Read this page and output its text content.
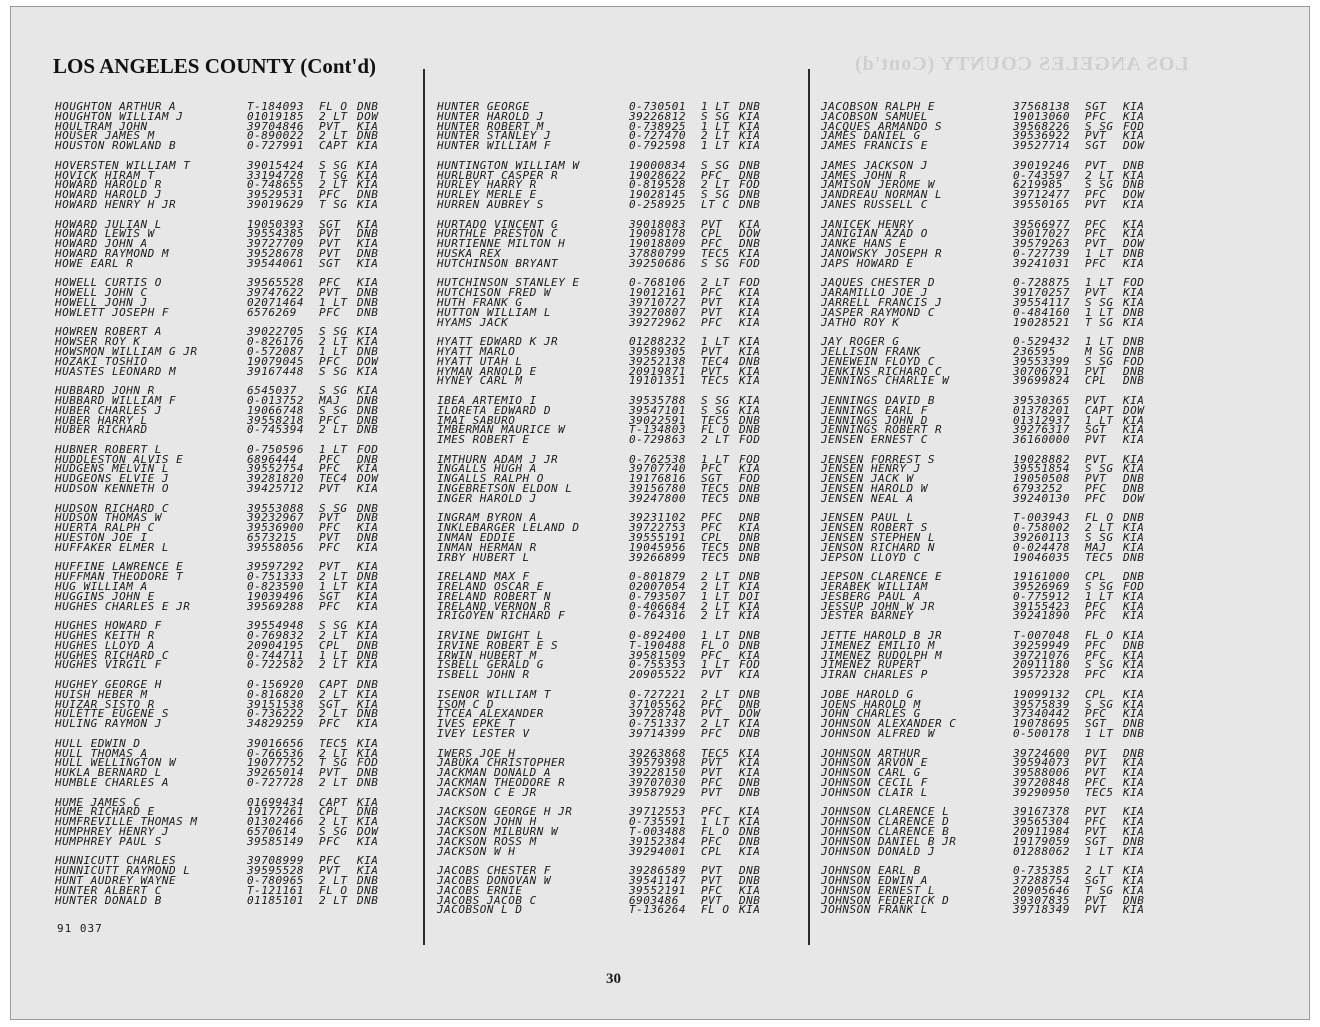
LOS ANGELES COUNTY (Cont'd)
LOS ANGELES COUNTY (Cont'd)
HOUGHTON ARTHUR A	T-184093	FL O DNB
HOUGHTON WILLIAM J	01019185	2 LT DOW
HOULTRAM JOHN	39704846	PVT	KIA
HOUSER JAMES M	0-890022	2 LT DNB
HOUSTON ROWLAND B	0-727991	CAPT KIA
HOVERSTEN WILLIAM T	39015424	S SG KIA
HOVICK HIRAM T	33194728	T SG KIA
HOWARD HAROLD R	0-748655	2 LT KIA
HOWARD HAROLD J	39529531	PFC	DNB
HOWARD HENRY H JR	39019629	T SG KIA
HOWARD JULIAN L	19050393	SGT	KIA
HOWARD LEWIS W	39554385	PVT	DNB
HOWARD JOHN A	39727709	PVT	KIA
HOWARD RAYMOND M	39528678	PVT	DNB
HOWE EARL R	39544061	SGT	KIA
HOWELL CURTIS O	39565528	PFC	KIA
HOWELL JOHN C	39747622	PVT	DNB
HOWELL JOHN J	02071464	1 LT DNB
HOWLETT JOSEPH F	6576269	PFC	DNB
HOWREN ROBERT A	39022705	S SG KIA
HOWSER ROY K	0-826176	2 LT KIA
HOWSMON WILLIAM G JR	0-572087	1 LT DNB
HOZAKI TOSHIO	19079045	PFC	DOW
HUASTES LEONARD M	39167448	S SG KIA
HUBBARD JOHN R	6545037	S SG KIA
HUBBARD WILLIAM F	0-013752	MAJ	DNB
HUBER CHARLES J	19066748	S SG DNB
HUBER HARRY L	39558218	PFC	DNB
HUBER RICHARD	0-745394	2 LT DNB
HUBNER ROBERT L	0-750596	1 LT FOD
HUDDLESTON ALVIS E	6896444	PFC	DNB
HUDGENS MELVIN L	39552754	PFC	KIA
HUDGEONS ELVIE J	39281820	TEC4 DOW
HUDSON KENNETH O	39425712	PVT	KIA
HUDSON RICHARD C	39553088	S SG DNB
HUDSON THOMAS W	39232967	PVT	DNB
HUERTA RALPH C	39536900	PFC	KIA
HUESTON JOE I	6573215	PVT	DNB
HUFFAKER ELMER L	39558056	PFC	KIA
HUFFINE LAWRENCE E	39597292	PVT	KIA
HUFFMAN THEODORE T	0-751333	2 LT DNB
HUG WILLIAM A	0-823590	1 LT KIA
HUGGINS JOHN E	19039496	SGT	KIA
HUGHES CHARLES E JR	39569288	PFC	KIA
HUGHES HOWARD F	39554948	S SG KIA
HUGHES KEITH R	0-769832	2 LT KIA
HUGHES LLOYD A	20904195	CPL	DNB
HUGHES RICHARD C	0-744711	1 LT DNB
HUGHES VIRGIL F	0-722582	2 LT KIA
HUGHEY GEORGE H	0-156920	CAPT DNB
HUISH HEBER M	0-816820	2 LT KIA
HUIZAR SISTO R	39151538	SGT	KIA
HULETTE EUGENE S	0-736222	2 LT DNB
HULING RAYMON J	34829259	PFC	KIA
HULL EDWIN D	39016656	TEC5 KIA
HULL THOMAS A	0-766536	2 LT KIA
HULL WELLINGTON W	19077752	T SG FOD
HUKLA BERNARD L	39265014	PVT	DNB
HUMBLE CHARLES A	0-727728	2 LT DNB
HUME JAMES C	01699434	CAPT KIA
HUME RICHARD E	19177261	CPL	DNB
HUMFREVILLE THOMAS M	01302466	2 LT KIA
HUMPHREY HENRY J	6570614	S SG DOW
HUMPHREY PAUL S	39585149	PFC	KIA
HUNNICUTT CHARLES	39708999	PFC	KIA
HUNNICUTT RAYMOND L	39595528	PVT	KIA
HUNT AUDREY WAYNE	0-780965	2 LT DNB
HUNTER ALBERT C	T-121161	FL O DNB
HUNTER DONALD B	01185101	2 LT DNB
HUNTER GEORGE	0-730501	1 LT DNB
HUNTER HAROLD J	39226812	S SG KIA
HUNTER ROBERT M	0-738925	1 LT KIA
HUNTER STANLEY J	0-727470	2 LT KIA
HUNTER WILLIAM F	0-792598	1 LT KIA
HUNTINGTON WILLIAM W	19000834	S SG DNB
HURLBURT CASPER R	19028622	PFC	DNB
HURLEY HARRY R	0-819528	2 LT FOD
HURLEY MERLE E	19028145	S SG DNB
HURREN AUBREY S	0-258925	LT C DNB
HURTADO VINCENT G	39018083	PVT	KIA
HURTHLE PRESTON C	19098178	CPL	DOW
HURTIENNE MILTON H	19018809	PFC	DNB
HUSKA REX	37880799	TEC5 KIA
HUTCHINSON BRYANT	39250686	S SG FOD
HUTCHINSON STANLEY E	0-768106	2 LT FOD
HUTCHISON FRED W	19012161	PFC	KIA
HUTH FRANK G	39710727	PVT	KIA
HUTTON WILLIAM L	39270807	PVT	KIA
HYAMS JACK	39272962	PFC	KIA
HYATT EDWARD K JR	01288232	1 LT KIA
HYATT MARLO	39589305	PVT	KIA
HYATT UTAH L	39252138	TEC4 DNB
HYMAN ARNOLD E	20919871	PVT	KIA
HYNEY CARL M	19101351	TEC5 KIA
IBEA ARTEMIO I	39535788	S SG KIA
ILORETA EDWARD D	39547101	S SG KIA
IMAI SABURO	39022591	TEC5 DNB
IMBERMAN MAURICE W	T-134803	FL O DNB
IMES ROBERT E	0-729863	2 LT FOD
IMTHURN ADAM J JR	0-762538	1 LT FOD
INGALLS HUGH A	39707740	PFC	KIA
INGALLS RALPH O	19176816	SGT	FOD
INGEBRETSON ELDON L	39156780	TEC5 DNB
INGER HAROLD J	39247800	TEC5 DNB
INGRAM BYRON A	39231102	PFC	DNB
INKLEBARGER LELAND D	39722753	PFC	KIA
INMAN EDDIE	39555191	CPL	DNB
INMAN HERMAN R	19045956	TEC5 DNB
IRBY HUBERT L	39266899	TEC5 DNB
IRELAND MAX F	0-801879	2 LT DNB
IRELAND OSCAR E	02007054	2 LT KIA
IRELAND ROBERT N	0-793507	1 LT DOI
IRELAND VERNON R	0-406684	2 LT KIA
IRIGOYEN RICHARD F	0-764316	2 LT KIA
IRVINE DWIGHT L	0-892400	1 LT DNB
IRVINE ROBERT E S	T-190488	FL O DNB
IRWIN HUBERT M	39581509	PFC	KIA
ISBELL GERALD G	0-755353	1 LT FOD
ISBELL JOHN R	20905522	PVT	KIA
ISENOR WILLIAM T	0-727221	2 LT DNB
ISOM C D	37105562	PFC	DNB
ITCEA ALEXANDER	39728748	PVT	DOW
IVES EPKE T	0-751337	2 LT KIA
IVEY LESTER V	39714399	PFC	DNB
IWERS JOE H	39263868	TEC5 KIA
JABUKA CHRISTOPHER	39579398	PVT	KIA
JACKMAN DONALD A	39228150	PVT	KIA
JACKMAN THEODORE R	39707030	PFC	DNB
JACKSON C E JR	39587929	PVT	DNB
JACKSON GEORGE H JR	39712553	PFC	KIA
JACKSON JOHN H	0-735591	1 LT KIA
JACKSON MILBURN W	T-003488	FL O DNB
JACKSON ROSS M	39152384	PFC	DNB
JACKSON W H	39294001	CPL	KIA
JACOBS CHESTER F	39286589	PVT	DNB
JACOBS DONOVAN W	39541147	PVT	DNB
JACOBS ERNIE	39552191	PFC	KIA
JACOBS JACOB C	6903486	PVT	DNB
JACOBSON L D	T-136264	FL O KIA
JACOBSON RALPH E	37568138	SGT	KIA
JACOBSON SAMUEL	19013060	PFC	KIA
JACQUES ARMANDO S	39568226	S SG FOD
JAMES DANIEL G	39536922	PVT	KIA
JAMES FRANCIS E	39527714	SGT	DOW
JAMES JACKSON J	39019246	PVT	DNB
JAMES JOHN R	0-743597	2 LT KIA
JAMISON JEROME W	6219985	S SG DNB
JANDREAU NORMAN L	39712477	PFC	DOW
JANES RUSSELL C	39550165	PVT	KIA
JANICEK HENRY	39566977	PFC	KIA
JANIGIAN AZAD O	39017027	PFC	KIA
JANKE HANS E	39579263	PVT	DOW
JANOWSKY JOSEPH R	0-727739	1 LT DNB
JAPS HOWARD E	39241031	PFC	KIA
JAQUES CHESTER D	0-728875	1 LT FOD
JARAMILLO JOE J	39170257	PVT	KIA
JARRELL FRANCIS J	39554117	S SG KIA
JASPER RAYMOND C	0-484160	1 LT DNB
JATHO ROY K	19028521	T SG KIA
JAY ROGER G	0-529432	1 LT DNB
JELLISON FRANK	236595	M SG DNB
JENEWEIN FLOYD C	39553399	S SG FOD
JENKINS RICHARD C	30706791	PVT	DNB
JENNINGS CHARLIE W	39699824	CPL	DNB
JENNINGS DAVID B	39530365	PVT	KIA
JENNINGS EARL F	01378201	CAPT DOW
JENNINGS JOHN D	01312937	1 LT KIA
JENNINGS ROBERT R	39276317	SGT	KIA
JENSEN ERNEST C	36160000	PVT	KIA
JENSEN FORREST S	19028882	PVT	KIA
JENSEN HENRY J	39551854	S SG KIA
JENSEN JACK W	19050508	PVT	DNB
JENSEN HAROLD W	6793252	PFC	DNB
JENSEN NEAL A	39240130	PFC	DOW
JENSEN PAUL L	T-003943	FL O DNB
JENSEN ROBERT S	0-758002	2 LT KIA
JENSEN STEPHEN L	39260113	S SG KIA
JENSON RICHARD N	0-024478	MAJ	KIA
JEPSON LLOYD C	19046035	TEC5 DNB
JEPSON CLARENCE E	19161000	CPL	DNB
JERABEK WILLIAM	39526969	S SG FOD
JESBERG PAUL A	0-775912	1 LT KIA
JESSUP JOHN W JR	39155423	PFC	KIA
JESTER BARNEY	39241890	PFC	KIA
JETTE HAROLD B JR	T-007048	FL O KIA
JIMENEZ EMILIO M	39259949	PFC	DNB
JIMENEZ RUDOLPH M	39721076	PFC	KIA
JIMENEZ RUPERT	20911180	S SG KIA
JIRAN CHARLES P	39572328	PFC	KIA
JOBE HAROLD G	19099132	CPL	KIA
JOENS HAROLD M	39575839	S SG KIA
JOHN CHARLES G	37340442	PFC	KIA
JOHNSON ALEXANDER C	19078695	SGT	DNB
JOHNSON ALFRED W	0-500178	1 LT DNB
JOHNSON ARTHUR	39724600	PVT	DNB
JOHNSON ARVON E	39594073	PVT	KIA
JOHNSON CARL G	39588006	PVT	KIA
JOHNSON CECIL F	39720848	PFC	KIA
JOHNSON CLAIR L	39290950	TEC5 KIA
JOHNSON CLARENCE L	39167378	PVT	KIA
JOHNSON CLARENCE D	39565304	PFC	KIA
JOHNSON CLARENCE B	20911984	PVT	KIA
JOHNSON DANIEL B JR	19179059	SGT	DNB
JOHNSON DONALD J	01288062	1 LT KIA
JOHNSON EARL B	0-735385	2 LT KIA
JOHNSON EDWIN A	37288754	SGT	KIA
JOHNSON ERNEST L	20905646	T SG KIA
JOHNSON FEDERICK D	39307835	PVT	DNB
JOHNSON FRANK L	39718349	PVT	KIA
91 037
30
